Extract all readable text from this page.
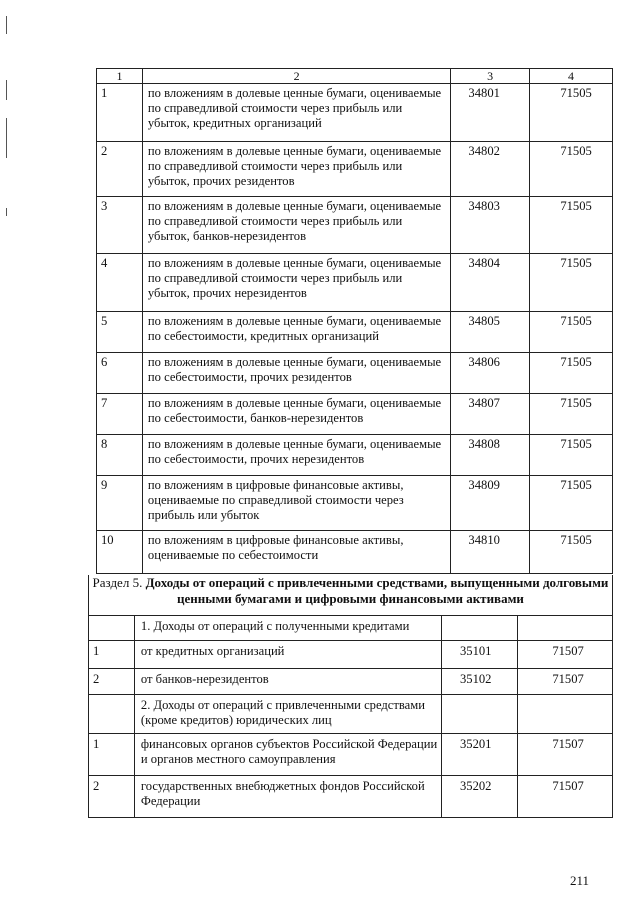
1	2	3	4
1	по вложениям в долевые ценные бумаги, оцениваемые по справедливой стоимости через прибыль или убыток, кредитных организаций	34801	71505
2	по вложениям в долевые ценные бумаги, оцениваемые по справедливой стоимости через прибыль или убыток, прочих резидентов	34802	71505
3	по вложениям в долевые ценные бумаги, оцениваемые по справедливой стоимости через прибыль или убыток, банков-нерезидентов	34803	71505
4	по вложениям в долевые ценные бумаги, оцениваемые по справедливой стоимости через прибыль или убыток, прочих нерезидентов	34804	71505
5	по вложениям в долевые ценные бумаги, оцениваемые по себестоимости, кредитных организаций	34805	71505
6	по вложениям в долевые ценные бумаги, оцениваемые по себестоимости, прочих резидентов	34806	71505
7	по вложениям в долевые ценные бумаги, оцениваемые по себестоимости, банков-нерезидентов	34807	71505
8	по вложениям в долевые ценные бумаги, оцениваемые по себестоимости, прочих нерезидентов	34808	71505
9	по вложениям в цифровые финансовые активы, оцениваемые по справедливой стоимости через прибыль или убыток	34809	71505
10	по вложениям в цифровые финансовые активы, оцениваемые по себестоимости	34810	71505
Раздел 5. Доходы от операций с привлеченными средствами, выпущенными долговыми ценными бумагами и цифровыми финансовыми активами
	1. Доходы от операций с полученными кредитами		
1	от кредитных организаций	35101	71507
2	от банков-нерезидентов	35102	71507
	2. Доходы от операций с привлеченными средствами (кроме кредитов) юридических лиц		
1	финансовых органов субъектов Российской Федерации и органов местного самоуправления	35201	71507
2	государственных внебюджетных фондов Российской Федерации	35202	71507
211
